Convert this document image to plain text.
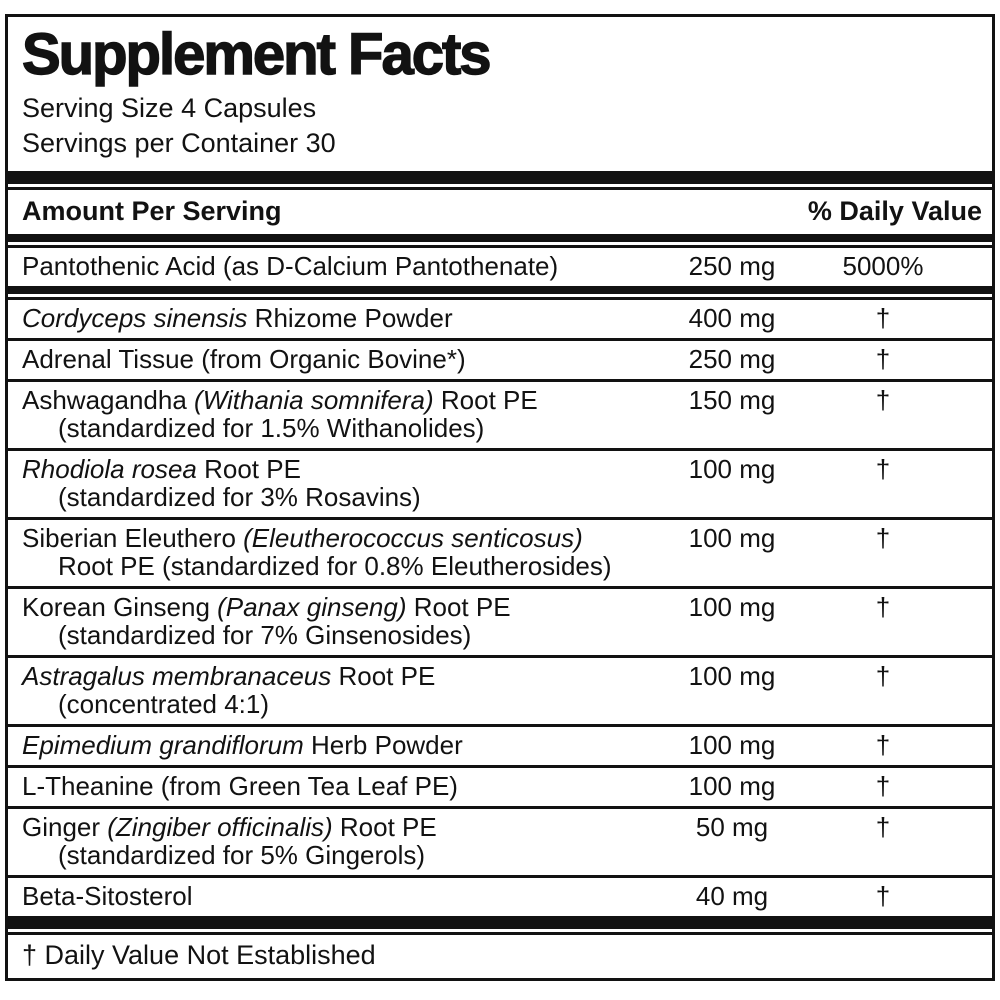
Supplement Facts
Serving Size 4 Capsules
Servings per Container 30
Amount Per Serving	% Daily Value
Pantothenic Acid (as D-Calcium Pantothenate)	250 mg	5000%
Cordyceps sinensis Rhizome Powder	400 mg	†
Adrenal Tissue (from Organic Bovine*)	250 mg	†
Ashwagandha (Withania somnifera) Root PE
(standardized for 1.5% Withanolides)
150 mg	†
Rhodiola rosea Root PE
(standardized for 3% Rosavins)
100 mg	†
Siberian Eleuthero (Eleutherococcus senticosus)
Root PE (standardized for 0.8% Eleutherosides)
100 mg	†
Korean Ginseng (Panax ginseng) Root PE
(standardized for 7% Ginsenosides)
100 mg	†
Astragalus membranaceus Root PE
(concentrated 4:1)
100 mg	†
Epimedium grandiflorum Herb Powder	100 mg	†
L-Theanine (from Green Tea Leaf PE)	100 mg	†
Ginger (Zingiber officinalis) Root PE
(standardized for 5% Gingerols)
50 mg	†
Beta-Sitosterol	40 mg	†
† Daily Value Not Established
